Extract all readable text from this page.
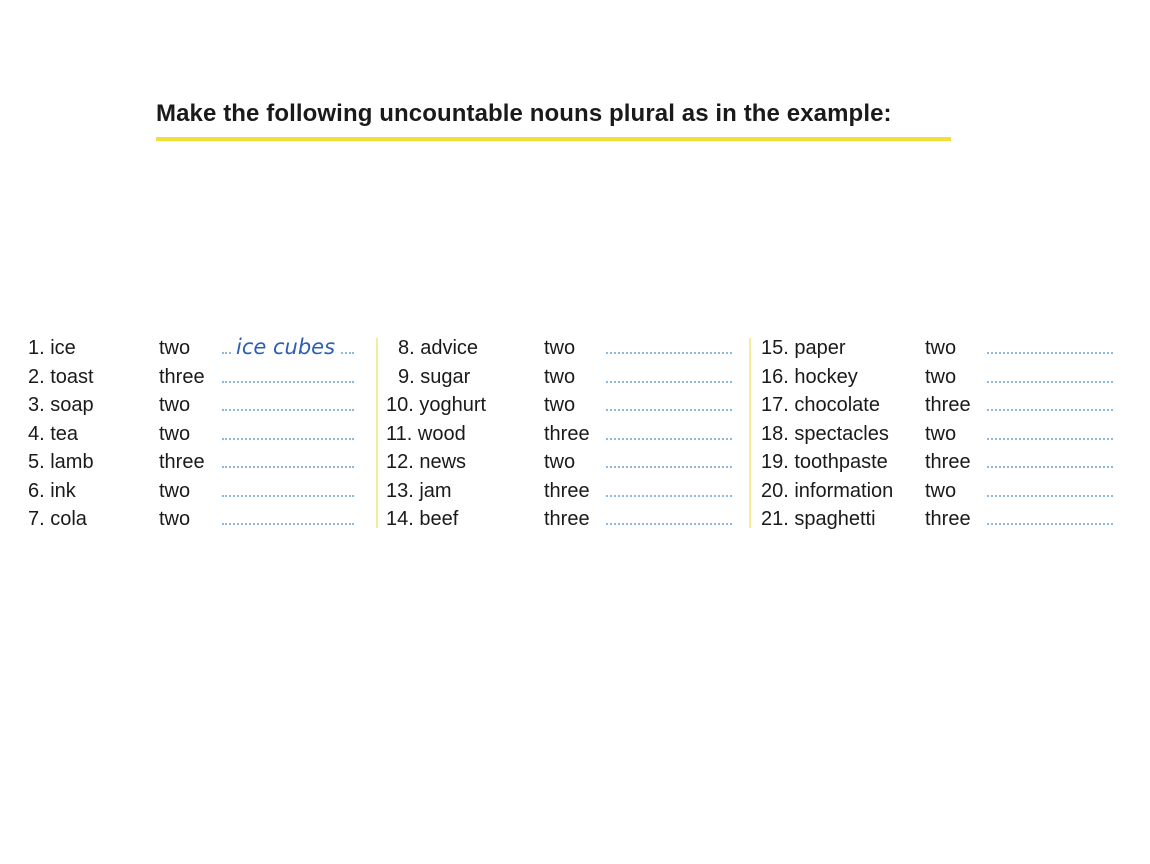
Make the following uncountable nouns plural as in the example:
1. ice	two ice cubes
2. toast	three
3. soap	two
4. tea	two
5. lamb	three
6. ink	two
7. cola	two
8. advice	two
9. sugar	two
10. yoghurt	two
11. wood	three
12. news	two
13. jam	three
14. beef	three
15. paper	two
16. hockey	two
17. chocolate three
18. spectacles two
19. toothpaste three
20. information two
21. spaghetti three
